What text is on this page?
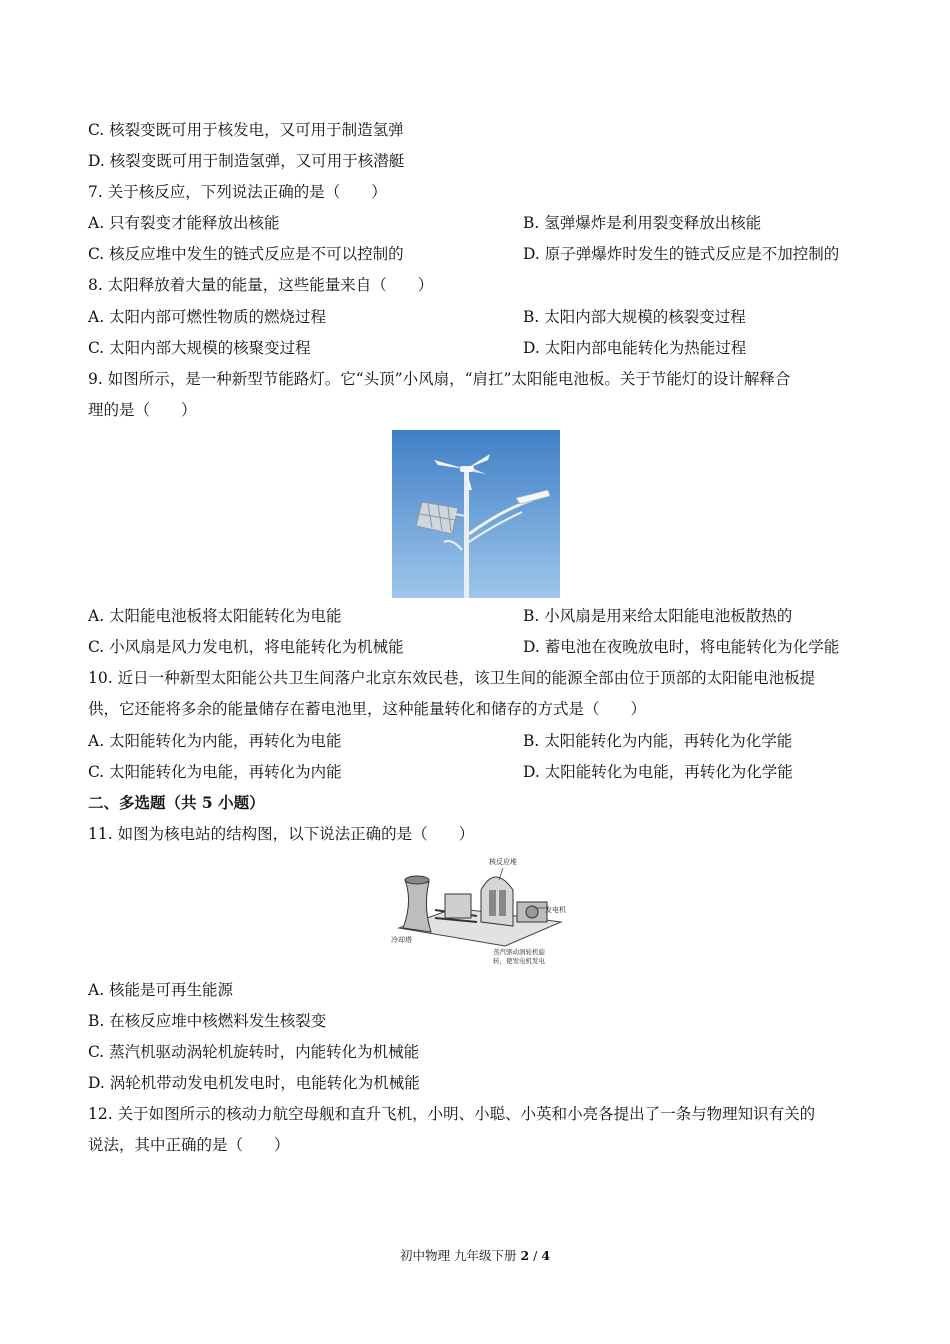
C. 核裂变既可用于核发电，又可用于制造氢弹
D. 核裂变既可用于制造氢弹，又可用于核潜艇
7. 关于核反应，下列说法正确的是（　　）
A. 只有裂变才能释放出核能	B. 氢弹爆炸是利用裂变释放出核能
C. 核反应堆中发生的链式反应是不可以控制的	D. 原子弹爆炸时发生的链式反应是不加控制的
8. 太阳释放着大量的能量，这些能量来自（　　）
A. 太阳内部可燃性物质的燃烧过程	B. 太阳内部大规模的核裂变过程
C. 太阳内部大规模的核聚变过程	D. 太阳内部电能转化为热能过程
9. 如图所示，是一种新型节能路灯。它“头顶”小风扇，“肩扛”太阳能电池板。关于节能灯的设计解释合
理的是（　　）
A. 太阳能电池板将太阳能转化为电能	B. 小风扇是用来给太阳能电池板散热的
C. 小风扇是风力发电机，将电能转化为机械能	D. 蓄电池在夜晚放电时，将电能转化为化学能
10. 近日一种新型太阳能公共卫生间落户北京东效民巷，该卫生间的能源全部由位于顶部的太阳能电池板提
供，它还能将多余的能量储存在蓄电池里，这种能量转化和储存的方式是（　　）
A. 太阳能转化为内能，再转化为电能	B. 太阳能转化为内能，再转化为化学能
C. 太阳能转化为电能，再转化为内能	D. 太阳能转化为电能，再转化为化学能
二、多选题（共 5 小题）
11. 如图为核电站的结构图，以下说法正确的是（　　）
核反应堆
发电机
冷却塔
蒸汽驱动涡轮机旋
转，使发电机发电
A. 核能是可再生能源
B. 在核反应堆中核燃料发生核裂变
C. 蒸汽机驱动涡轮机旋转时，内能转化为机械能
D. 涡轮机带动发电机发电时，电能转化为机械能
12. 关于如图所示的核动力航空母舰和直升飞机，小明、小聪、小英和小亮各提出了一条与物理知识有关的
说法，其中正确的是（　　）
初中物理 九年级下册 2 / 4
